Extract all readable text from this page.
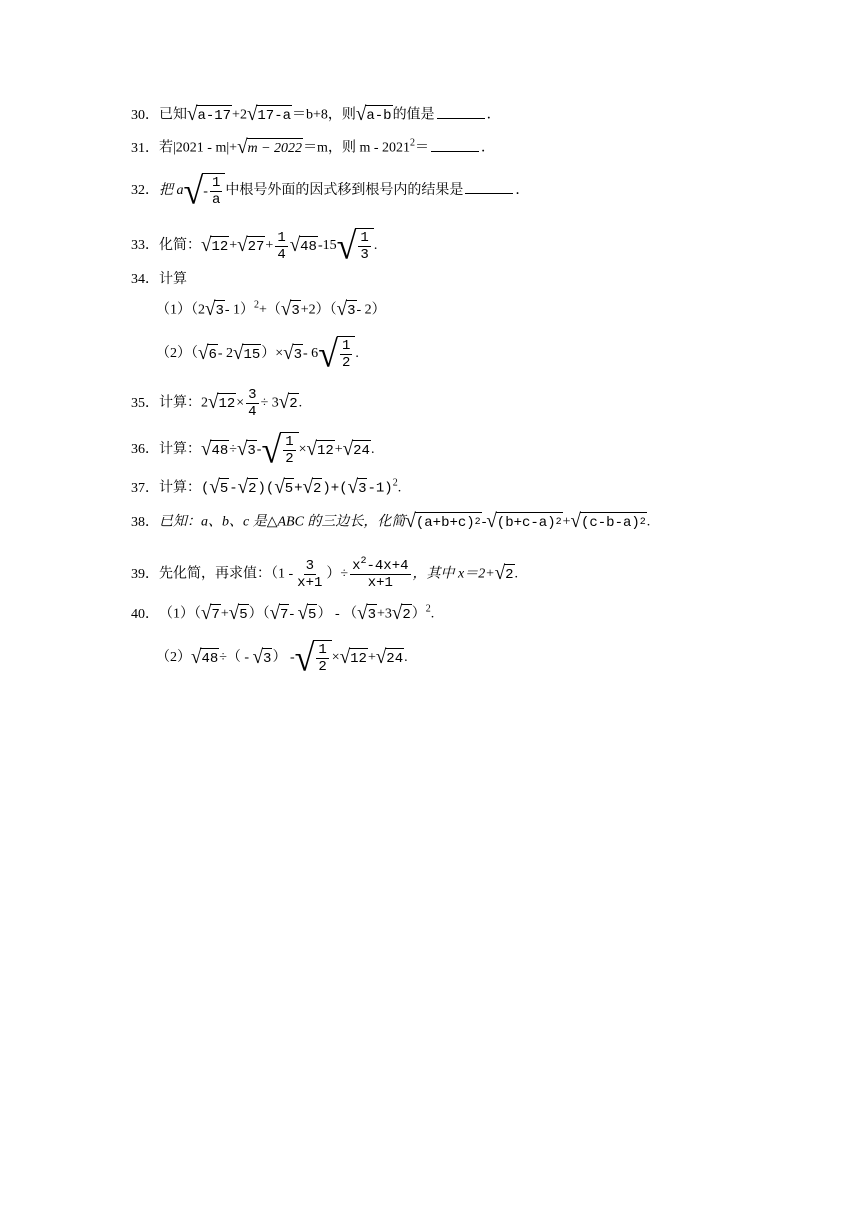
30．已知 √ a-17 +2 √ 17-a ＝b+8，则 √ a-b 的值是	．
31．若|2021 - m|+ √ m − 2022 ＝m，则 $m - 2021^2=$	．
32．把 a √ - $\frac{1}{a}$ 中根号外面的因式移到根号内的结果是	．
33．化简： √ 12 + √ $27 + \frac{1}{4}$ √ 48 -15 √ $\frac{1}{3}$ .
34．计算
（1）（2 √ 3 - 1）$^2$+（ √ 3 +2）（ √ 3 - 2）
（2）（ √ 6 - 2 √ 15 ）× √ 3 - 6 √ $\frac{1}{2}$ .
35．计算：2 √ $12 \times \frac{3}{4} \div 3$ √ 2 .
36．计算： √ 48 ÷ √ 3 - √ $\frac{1}{2}$ × √ 12 + √ 24 .
37．计算：( √ 5 - √ 2 )( √ 5 + √ 2 )+( √ 3 -1)$^2$.
38．已知：a、b、c 是△ABC 的三边长，化简 √ (a+b+c) 2 - √ (b+c-a) 2 + √ (c-b-a) 2 .
39．先化简，再求值：（$1 - \frac{3}{x+1}$ ）÷ $\frac{x^2-4x+4}{x+1}$ ，其中 x＝2+ √ 2 .
40．（1）（ √ 7 + √ 5 ）（ √ 7 - √ 5 ） - （ √ 3 +3 √ 2 ）$^2$.
（2） √ 48 ÷（ - √ 3 ） - √ $\frac{1}{2}$ × √ 12 + √ 24 .
